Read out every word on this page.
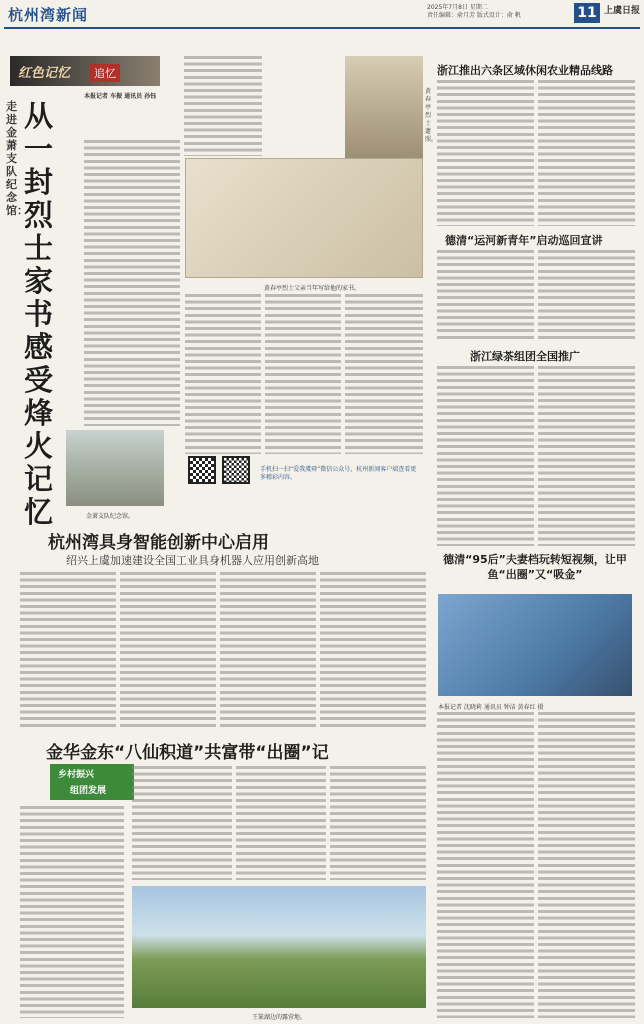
杭州湾新闻	2025年7月8日 星期二
责任编辑：俞月芳 版式设计：俞 帆	11 上虞日报
红色记忆	追忆
走进金萧支队纪念馆：
从一封烈士家书感受烽火记忆
本报记者 车振 通讯员 孙钰
金萧支队纪念馆。
黄春亭烈士遗照。
黄春亭烈士父亲当年写给他的家书。
手机扫一扫“爱我虞舜”微信公众号，杭州新闻客户端查看更多精彩内容。
浙江推出六条区域休闲农业精品线路
德清“运河新青年”启动巡回宣讲
浙江绿茶组团全国推广
德清“95后”夫妻档玩转短视频，让甲鱼“出圈”又“吸金”
本报记者 沈晓莉 通讯员 钟洁 黄春红 摄
杭州湾具身智能创新中心启用
绍兴上虞加速建设全国工业具身机器人应用创新高地
金华金东“八仙积道”共富带“出圈”记
乡村振兴
组团发展
王篆湖边的露营地。
